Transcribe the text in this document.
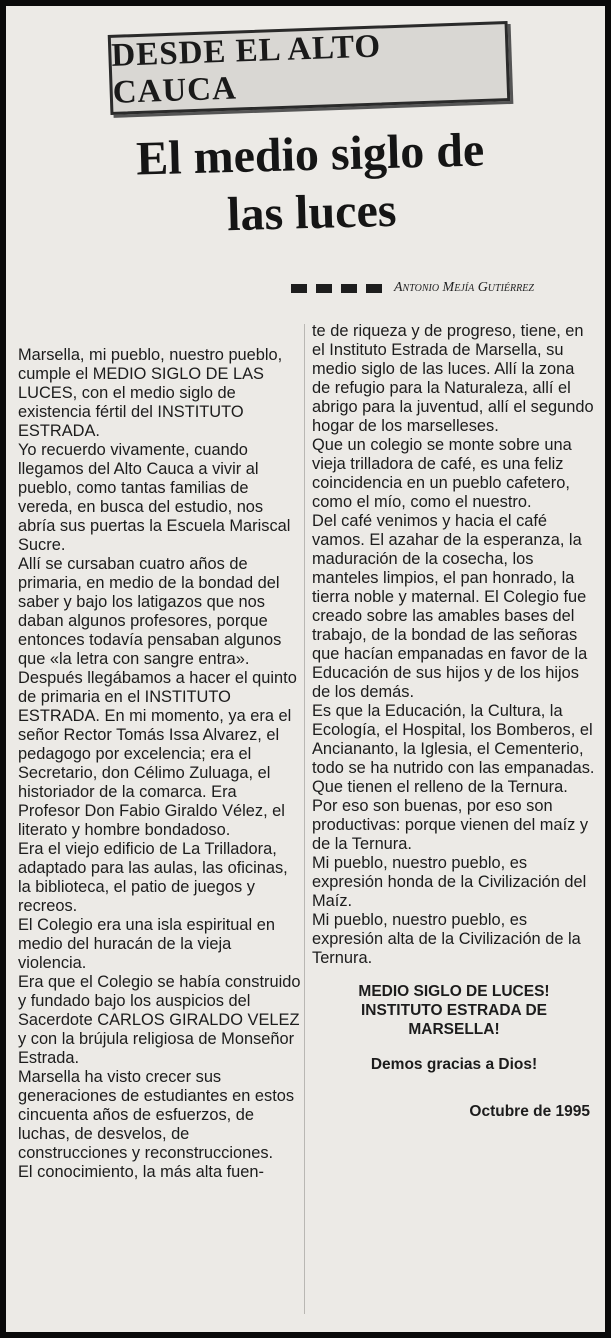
DESDE EL ALTO CAUCA
El medio siglo de
las luces
Antonio Mejía Gutiérrez

Marsella, mi pueblo, nuestro pueblo, cumple el MEDIO SIGLO DE LAS LUCES, con el medio siglo de existencia fértil del INSTITUTO ESTRADA.

Yo recuerdo vivamente, cuando llegamos del Alto Cauca a vivir al pueblo, como tantas familias de vereda, en busca del estudio, nos abría sus puertas la Escuela Mariscal Sucre.

Allí se cursaban cuatro años de primaria, en medio de la bondad del saber y bajo los latigazos que nos daban algunos profesores, porque entonces todavía pensaban algunos que «la letra con sangre entra».

Después llegábamos a hacer el quinto de primaria en el INSTITUTO ESTRADA. En mi momento, ya era el señor Rector Tomás Issa Alvarez, el pedagogo por excelencia; era el Secretario, don Célimo Zuluaga, el historiador de la comarca. Era Profesor Don Fabio Giraldo Vélez, el literato y hombre bondadoso.

Era el viejo edificio de La Trilladora, adaptado para las aulas, las oficinas, la biblioteca, el patio de juegos y recreos.

El Colegio era una isla espiritual en medio del huracán de la vieja violencia.

Era que el Colegio se había construido y fundado bajo los auspicios del Sacerdote CARLOS GIRALDO VELEZ y con la brújula religiosa de Monseñor Estrada.

Marsella ha visto crecer sus generaciones de estudiantes en estos cincuenta años de esfuerzos, de luchas, de desvelos, de construcciones y reconstrucciones.

El conocimiento, la más alta fuen-

te de riqueza y de progreso, tiene, en el Instituto Estrada de Marsella, su medio siglo de las luces. Allí la zona de refugio para la Naturaleza, allí el abrigo para la juventud, allí el segundo hogar de los marselleses.

Que un colegio se monte sobre una vieja trilladora de café, es una feliz coincidencia en un pueblo cafetero, como el mío, como el nuestro.

Del café venimos y hacia el café vamos. El azahar de la esperanza, la maduración de la cosecha, los manteles limpios, el pan honrado, la tierra noble y maternal. El Colegio fue creado sobre las amables bases del trabajo, de la bondad de las señoras que hacían empanadas en favor de la Educación de sus hijos y de los hijos de los demás.

Es que la Educación, la Cultura, la Ecología, el Hospital, los Bomberos, el Anciananto, la Iglesia, el Cementerio, todo se ha nutrido con las empanadas. Que tienen el relleno de la Ternura.

Por eso son buenas, por eso son productivas: porque vienen del maíz y de la Ternura.

Mi pueblo, nuestro pueblo, es expresión honda de la Civilización del Maíz.

Mi pueblo, nuestro pueblo, es expresión alta de la Civilización de la Ternura.

MEDIO SIGLO DE LUCES!
INSTITUTO ESTRADA DE
MARSELLA!
Demos gracias a Dios!
Octubre de 1995
